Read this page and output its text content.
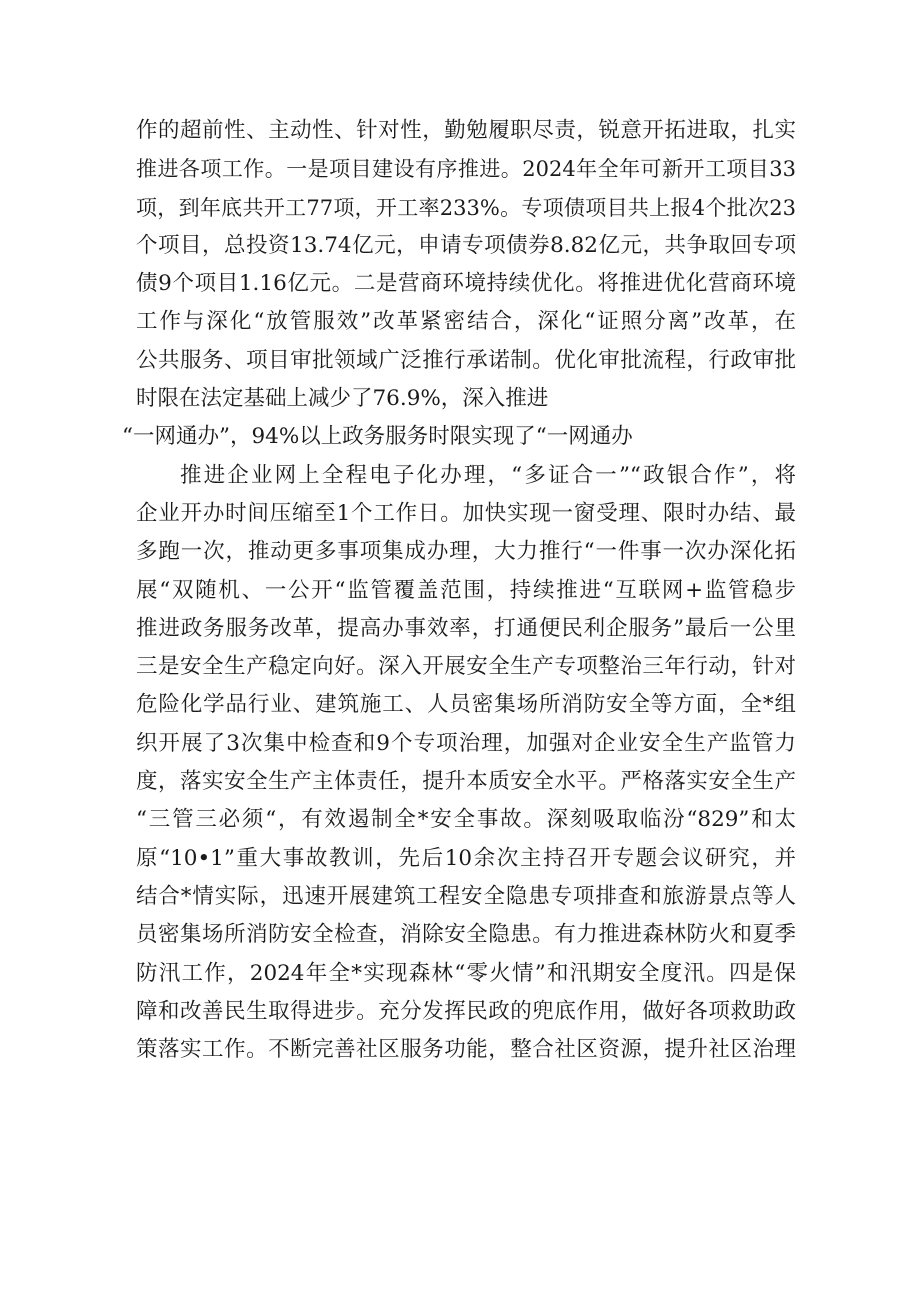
作的超前性、主动性、针对性，勤勉履职尽责，锐意开拓进取，扎实
推进各项工作。一是项目建设有序推进。2024年全年可新开工项目33
项，到年底共开工77项，开工率233%。专项债项目共上报4个批次23
个项目，总投资13.74亿元，申请专项债券8.82亿元，共争取回专项
债9个项目1.16亿元。二是营商环境持续优化。将推进优化营商环境
工作与深化“放管服效”改革紧密结合，深化“证照分离”改革，在
公共服务、项目审批领域广泛推行承诺制。优化审批流程，行政审批
时限在法定基础上减少了76.9%，深入推进
“一网通办”，94%以上政务服务时限实现了“一网通办
推进企业网上全程电子化办理，“多证合一”“政银合作”，将
企业开办时间压缩至1个工作日。加快实现一窗受理、限时办结、最
多跑一次，推动更多事项集成办理，大力推行“一件事一次办深化拓
展“双随机、一公开“监管覆盖范围，持续推进“互联网+监管稳步
推进政务服务改革，提高办事效率，打通便民利企服务”最后一公里
三是安全生产稳定向好。深入开展安全生产专项整治三年行动，针对
危险化学品行业、建筑施工、人员密集场所消防安全等方面，全*组
织开展了3次集中检查和9个专项治理，加强对企业安全生产监管力
度，落实安全生产主体责任，提升本质安全水平。严格落实安全生产
“三管三必须“，有效遏制全*安全事故。深刻吸取临汾“829”和太
原“10•1”重大事故教训，先后10余次主持召开专题会议研究，并
结合*情实际，迅速开展建筑工程安全隐患专项排查和旅游景点等人
员密集场所消防安全检查，消除安全隐患。有力推进森林防火和夏季
防汛工作，2024年全*实现森林“零火情”和汛期安全度汛。四是保
障和改善民生取得进步。充分发挥民政的兜底作用，做好各项救助政
策落实工作。不断完善社区服务功能，整合社区资源，提升社区治理
